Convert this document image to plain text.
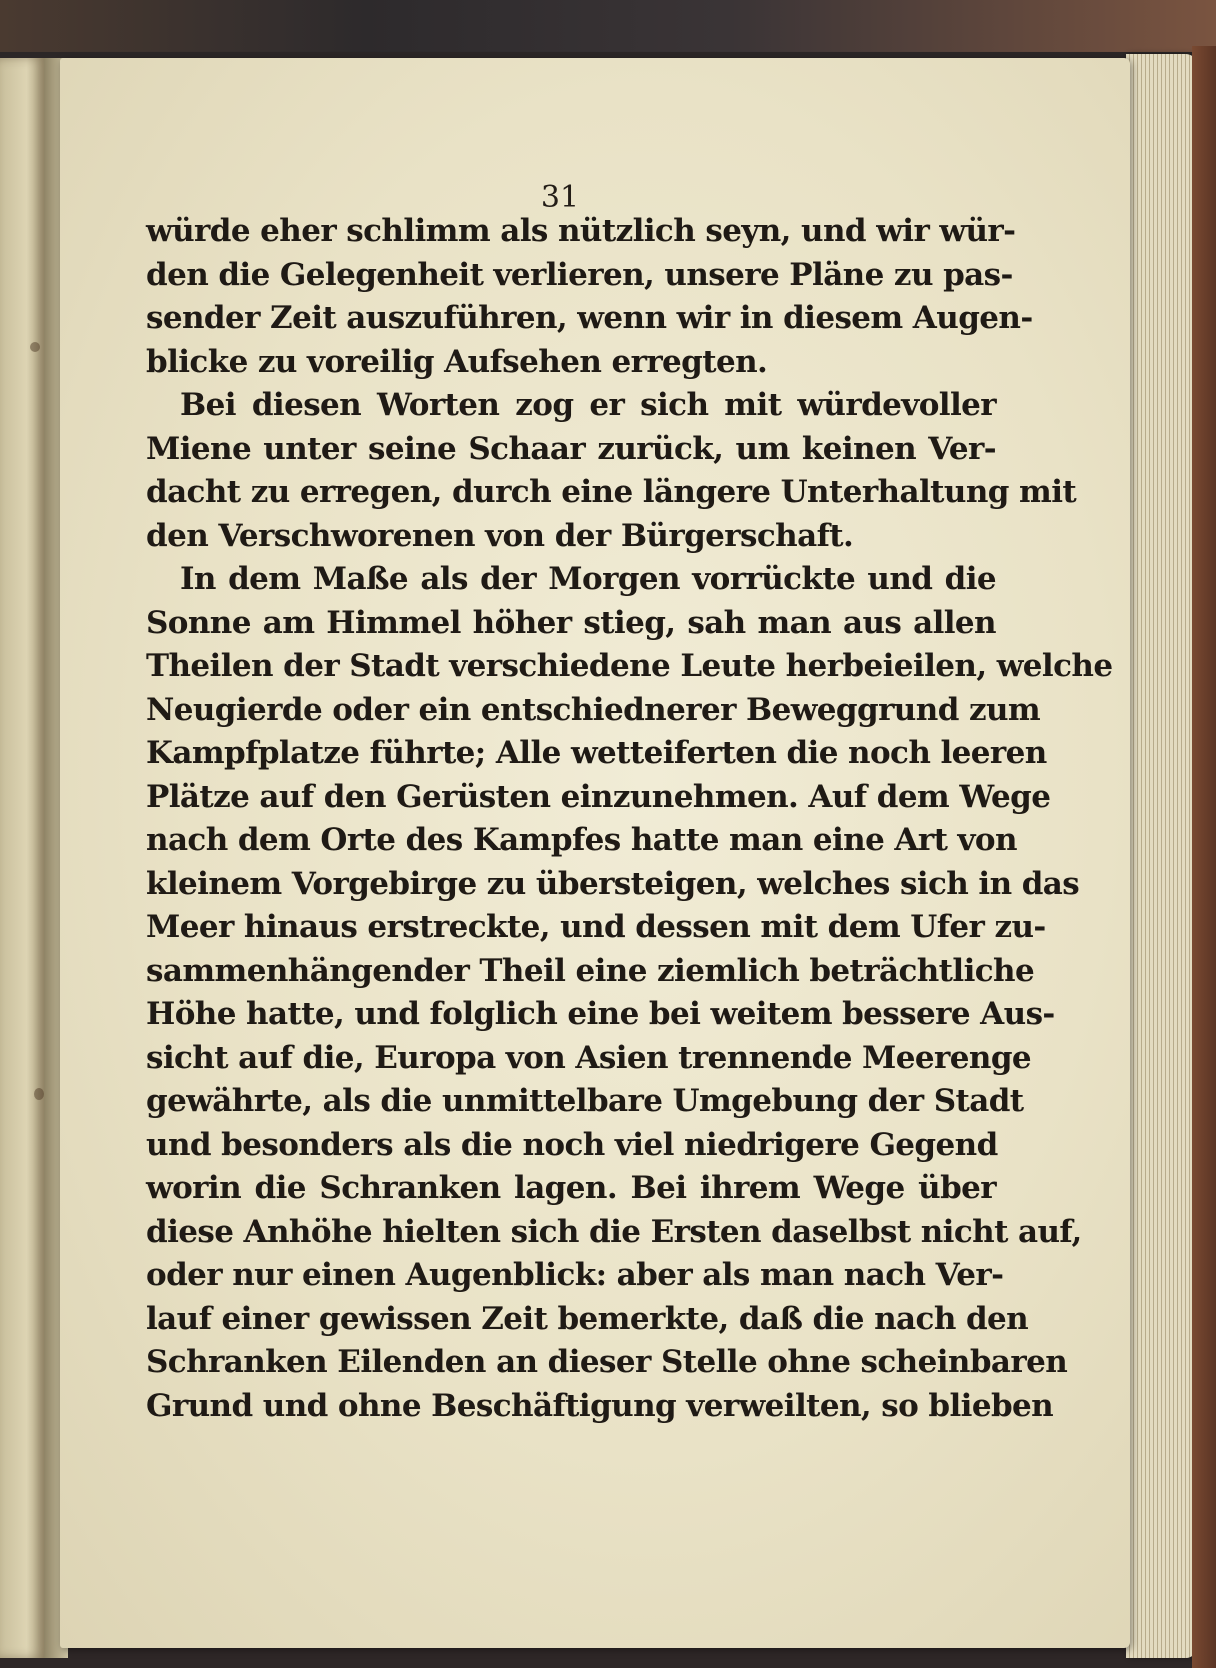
31
würde eher schlimm als nützlich seyn, und wir wür-
den die Gelegenheit verlieren, unsere Pläne zu pas-
sender Zeit auszuführen, wenn wir in diesem Augen-
blicke zu voreilig Aufsehen erregten.
Bei diesen Worten zog er sich mit würdevoller
Miene unter seine Schaar zurück, um keinen Ver-
dacht zu erregen, durch eine längere Unterhaltung mit
den Verschworenen von der Bürgerschaft.
In dem Maße als der Morgen vorrückte und die
Sonne am Himmel höher stieg, sah man aus allen
Theilen der Stadt verschiedene Leute herbeieilen, welche
Neugierde oder ein entschiednerer Beweggrund zum
Kampfplatze führte; Alle wetteiferten die noch leeren
Plätze auf den Gerüsten einzunehmen. Auf dem Wege
nach dem Orte des Kampfes hatte man eine Art von
kleinem Vorgebirge zu übersteigen, welches sich in das
Meer hinaus erstreckte, und dessen mit dem Ufer zu-
sammenhängender Theil eine ziemlich beträchtliche
Höhe hatte, und folglich eine bei weitem bessere Aus-
sicht auf die, Europa von Asien trennende Meerenge
gewährte, als die unmittelbare Umgebung der Stadt
und besonders als die noch viel niedrigere Gegend
worin die Schranken lagen. Bei ihrem Wege über
diese Anhöhe hielten sich die Ersten daselbst nicht auf,
oder nur einen Augenblick: aber als man nach Ver-
lauf einer gewissen Zeit bemerkte, daß die nach den
Schranken Eilenden an dieser Stelle ohne scheinbaren
Grund und ohne Beschäftigung verweilten, so blieben
